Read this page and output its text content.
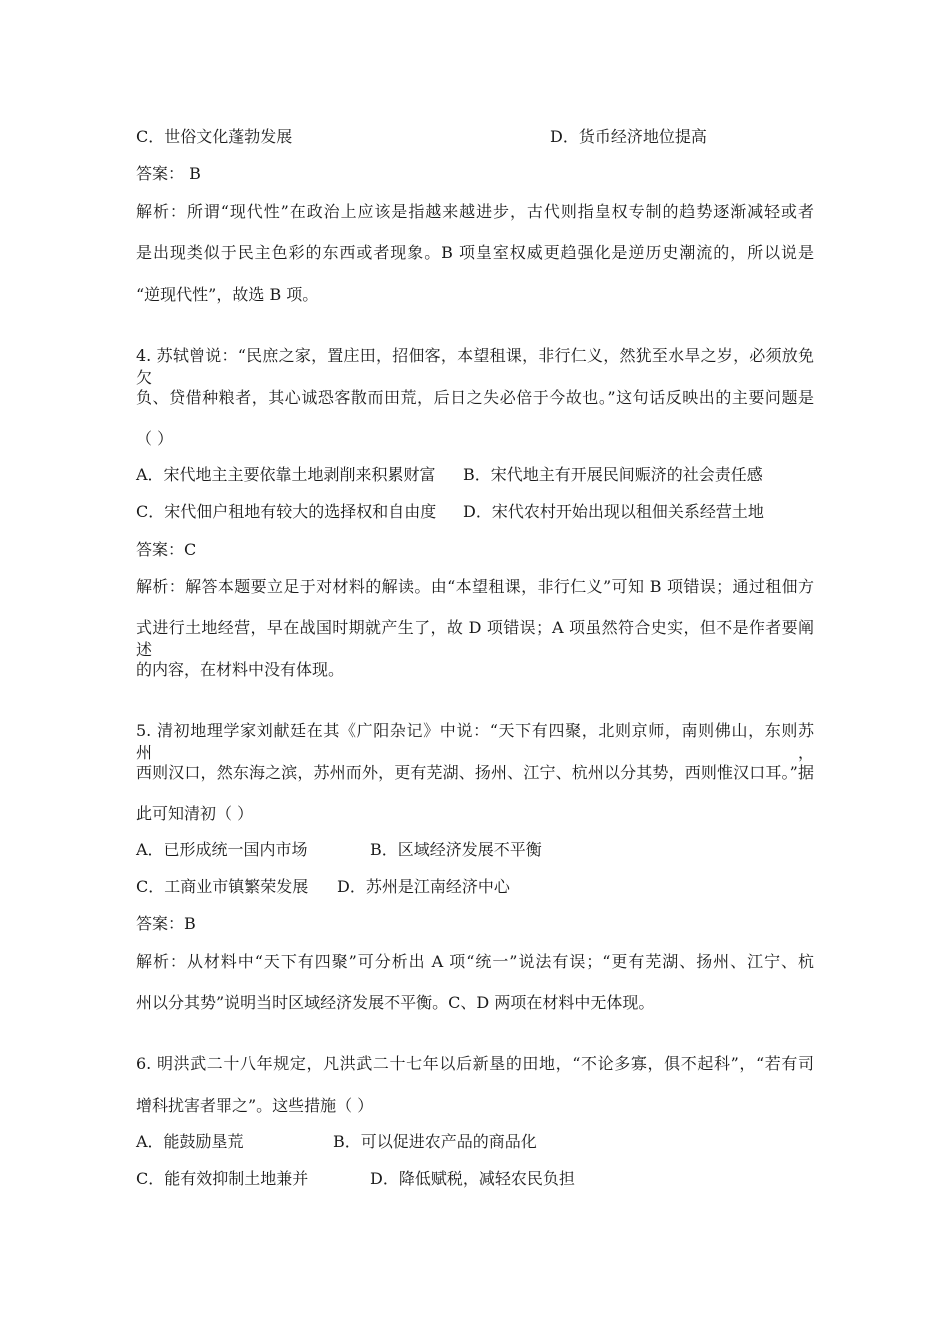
C．世俗文化蓬勃发展	D．货币经济地位提高
答案： B
解析：所谓“现代性”在政治上应该是指越来越进步，古代则指皇权专制的趋势逐渐减轻或者
是出现类似于民主色彩的东西或者现象。B 项皇室权威更趋强化是逆历史潮流的，所以说是
“逆现代性”，故选 B 项。
4. 苏轼曾说：“民庶之家，置庄田，招佃客，本望租课，非行仁义，然犹至水旱之岁，必须放免欠
负、贷借种粮者，其心诚恐客散而田荒，后日之失必倍于今故也。”这句话反映出的主要问题是
（ ）
A．宋代地主主要依靠土地剥削来积累财富 B．宋代地主有开展民间赈济的社会责任感
C．宋代佃户租地有较大的选择权和自由度 D．宋代农村开始出现以租佃关系经营土地
答案：C
解析：解答本题要立足于对材料的解读。由“本望租课，非行仁义”可知 B 项错误；通过租佃方
式进行土地经营，早在战国时期就产生了，故 D 项错误；A 项虽然符合史实，但不是作者要阐述
的内容，在材料中没有体现。
5. 清初地理学家刘献廷在其《广阳杂记》中说：“天下有四聚，北则京师，南则佛山，东则苏州，
西则汉口，然东海之滨，苏州而外，更有芜湖、扬州、江宁、杭州以分其势，西则惟汉口耳。”据
此可知清初（ ）
A．已形成统一国内市场	B．区域经济发展不平衡
C．工商业市镇繁荣发展 D．苏州是江南经济中心
答案：B
解析：从材料中“天下有四聚”可分析出 A 项“统一”说法有误；“更有芜湖、扬州、江宁、杭
州以分其势”说明当时区域经济发展不平衡。C、D 两项在材料中无体现。
6. 明洪武二十八年规定，凡洪武二十七年以后新垦的田地，“不论多寡，俱不起科”，“若有司
增科扰害者罪之”。这些措施（ ）
A．能鼓励垦荒	B．可以促进农产品的商品化
C．能有效抑制土地兼并	D．降低赋税，减轻农民负担
